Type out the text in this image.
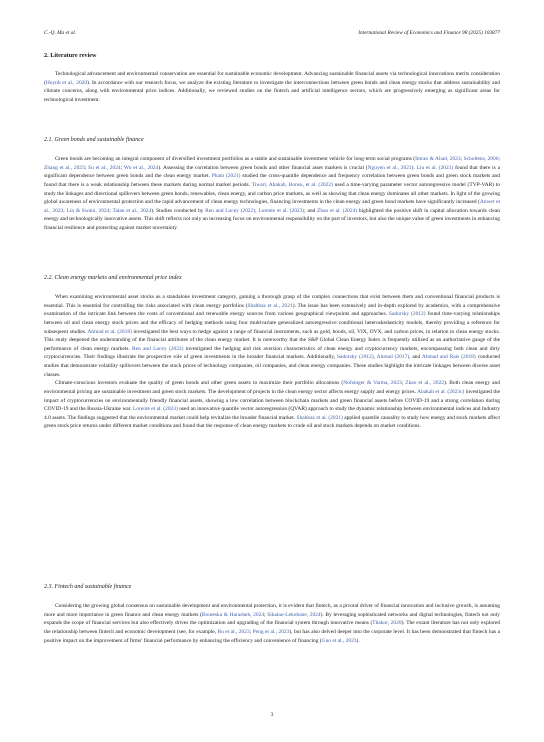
C.-Q. Ma et al.	International Review of Economics and Finance 98 (2025) 103877
2. Literature review

Technological advancement and environmental conservation are essential for sustainable economic development. Advancing sustainable financial assets via technological innovations merits consideration (Huynh et al., 2020). In accordance with our research focus, we analyze the existing literature to investigate the interconnections between green bonds and clean energy stocks that address sustainability and climate concerns, along with environmental price indices. Additionally, we reviewed studies on the fintech and artificial intelligence sectors, which are progressively emerging as significant areas for technological investment.

2.1. Green bonds and sustainable finance

Green bonds are becoming an integral component of diversified investment portfolios as a stable and sustainable investment vehicle for long-term social programs (Imran & Ahad, 2023; Scholtens, 2006; Zhang et al., 2023; Su et al., 2024; Wu et al., 2024). Assessing the correlation between green bonds and other financial asset markets is crucial (Nguyen et al., 2021). Liu et al. (2021) found that there is a significant dependence between green bonds and the clean energy market. Pham (2021) studied the cross-quantile dependence and frequency correlation between green bonds and green stock markets and found that there is a weak relationship between these markets during normal market periods. Tiwari, Abakah, Bonsu, et al. (2022) used a time-varying parameter vector autoregressive model (TVP-VAR) to study the linkages and directional spillovers between green bonds, renewables, clean energy, and carbon price markets, as well as showing that clean energy dominates all other markets. In light of the growing global awareness of environmental protection and the rapid advancement of clean energy technologies, financing investments in the clean energy and green bond markets have significantly increased (Anwer et al., 2023; Lin & Swain, 2024; Talan et al., 2024). Studies conducted by Ren and Lucey (2022); Lorente et al. (2023); and Zhao et al. (2024) highlighted the positive shift in capital allocation towards clean energy and technologically innovative assets. This shift reflects not only an increasing focus on environmental responsibility on the part of investors, but also the unique value of green investments in enhancing financial resilience and protecting against market uncertainty.

2.2. Clean energy markets and environmental price index

When examining environmental asset stocks as a standalone investment category, gaining a thorough grasp of the complex connections that exist between them and conventional financial products is essential. This is essential for controlling the risks associated with clean energy portfolios (Shahbaz et al., 2021). The issue has been extensively and in-depth explored by academics, with a comprehensive examination of the intricate link between the costs of conventional and renewable energy sources from various geographical viewpoints and approaches. Sadorsky (2012) found time-varying relationships between oil and clean energy stock prices and the efficacy of hedging methods using four multivariate generalized autoregressive conditional heteroskedasticity models, thereby providing a reference for subsequent studies. Ahmad et al. (2018) investigated the best ways to hedge against a range of financial instruments, such as gold, bonds, oil, VIX, OVX, and carbon prices, in relation to clean energy stocks. This study deepened the understanding of the financial attributes of the clean energy market. It is noteworthy that the S&P Global Clean Energy Index is frequently utilized as an authoritative gauge of the performance of clean energy markets. Ren and Lucey (2022) investigated the hedging and risk aversion characteristics of clean energy and cryptocurrency markets, encompassing both clean and dirty cryptocurrencies. Their findings illustrate the prospective role of green investments in the broader financial markets. Additionally, Sadorsky (2012), Ahmad (2017), and Ahmad and Rais (2018) conducted studies that demonstrate volatility spillovers between the stock prices of technology companies, oil companies, and clean energy companies. These studies highlight the intricate linkages between diverse asset classes.

Climate-conscious investors evaluate the quality of green bonds and other green assets to maximize their portfolio allocations (Nofsinger & Varma, 2023; Zhao et al., 2022). Both clean energy and environmental pricing are sustainable investment and green stock markets. The development of projects in the clean energy sector affects energy supply and energy prices. Abakah et al. (2023c) investigated the impact of cryptocurrencies on environmentally friendly financial assets, showing a low correlation between blockchain markets and green financial assets before COVID-19 and a strong correlation during COVID-19 and the Russia-Ukraine war. Lorente et al. (2023) used an innovative quantile vector autoregression (QVAR) approach to study the dynamic relationship between environmental indices and Industry 4.0 assets. The findings suggested that the environmental market could help revitalize the broader financial market. Shahbaz et al. (2021) applied quantile causality to study how energy and stock markets affect green stock price returns under different market conditions and found that the response of clean energy markets to crude oil and stock markets depends on market conditions.

2.3. Fintech and sustainable finance

Considering the growing global consensus on sustainable development and environmental protection, it is evident that fintech, as a pivotal driver of financial innovation and inclusive growth, is assuming more and more importance in green finance and clean energy markets (Bouteska & Harasheh, 2024; Sikalao-Lekobane, 2024). By leveraging sophisticated networks and digital technologies, fintech not only expands the scope of financial services but also effectively drives the optimization and upgrading of the financial system through innovative means (Thakor, 2020). The extant literature has not only explored the relationship between fintech and economic development (see, for example, Bu et al., 2023; Peng et al., 2023), but has also delved deeper into the corporate level. It has been demonstrated that fintech has a positive impact on the improvement of firms' financial performance by enhancing the efficiency and convenience of financing (Guo et al., 2023).

3
